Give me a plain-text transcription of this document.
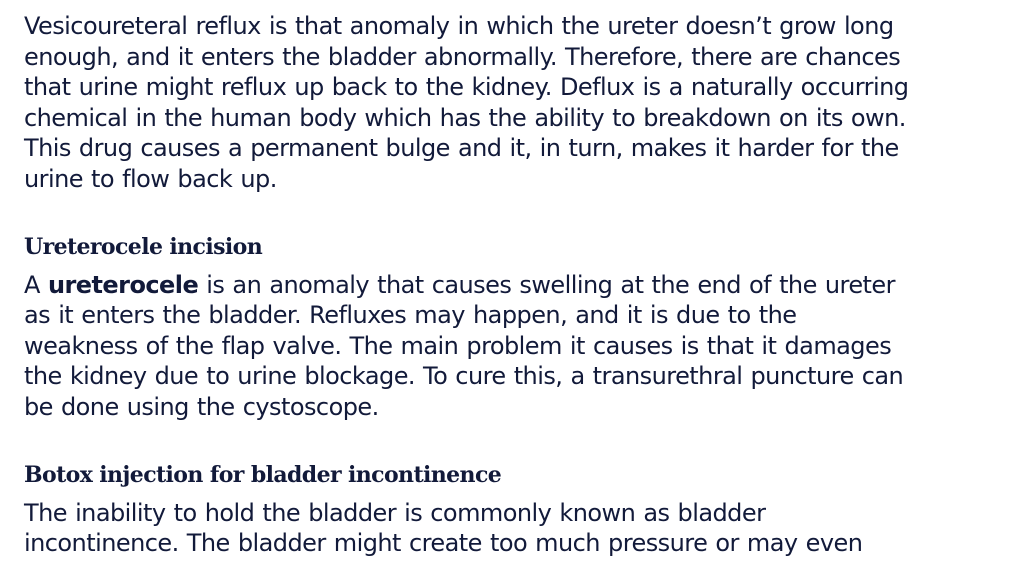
Vesicoureteral reflux is that anomaly in which the ureter doesn’t grow long
enough, and it enters the bladder abnormally. Therefore, there are chances
that urine might reflux up back to the kidney. Deflux is a naturally occurring
chemical in the human body which has the ability to breakdown on its own.
This drug causes a permanent bulge and it, in turn, makes it harder for the
urine to flow back up.

Ureterocele incision

A ureterocele is an anomaly that causes swelling at the end of the ureter
as it enters the bladder. Refluxes may happen, and it is due to the
weakness of the flap valve. The main problem it causes is that it damages
the kidney due to urine blockage. To cure this, a transurethral puncture can
be done using the cystoscope.

Botox injection for bladder incontinence

The inability to hold the bladder is commonly known as bladder
incontinence. The bladder might create too much pressure or may even
